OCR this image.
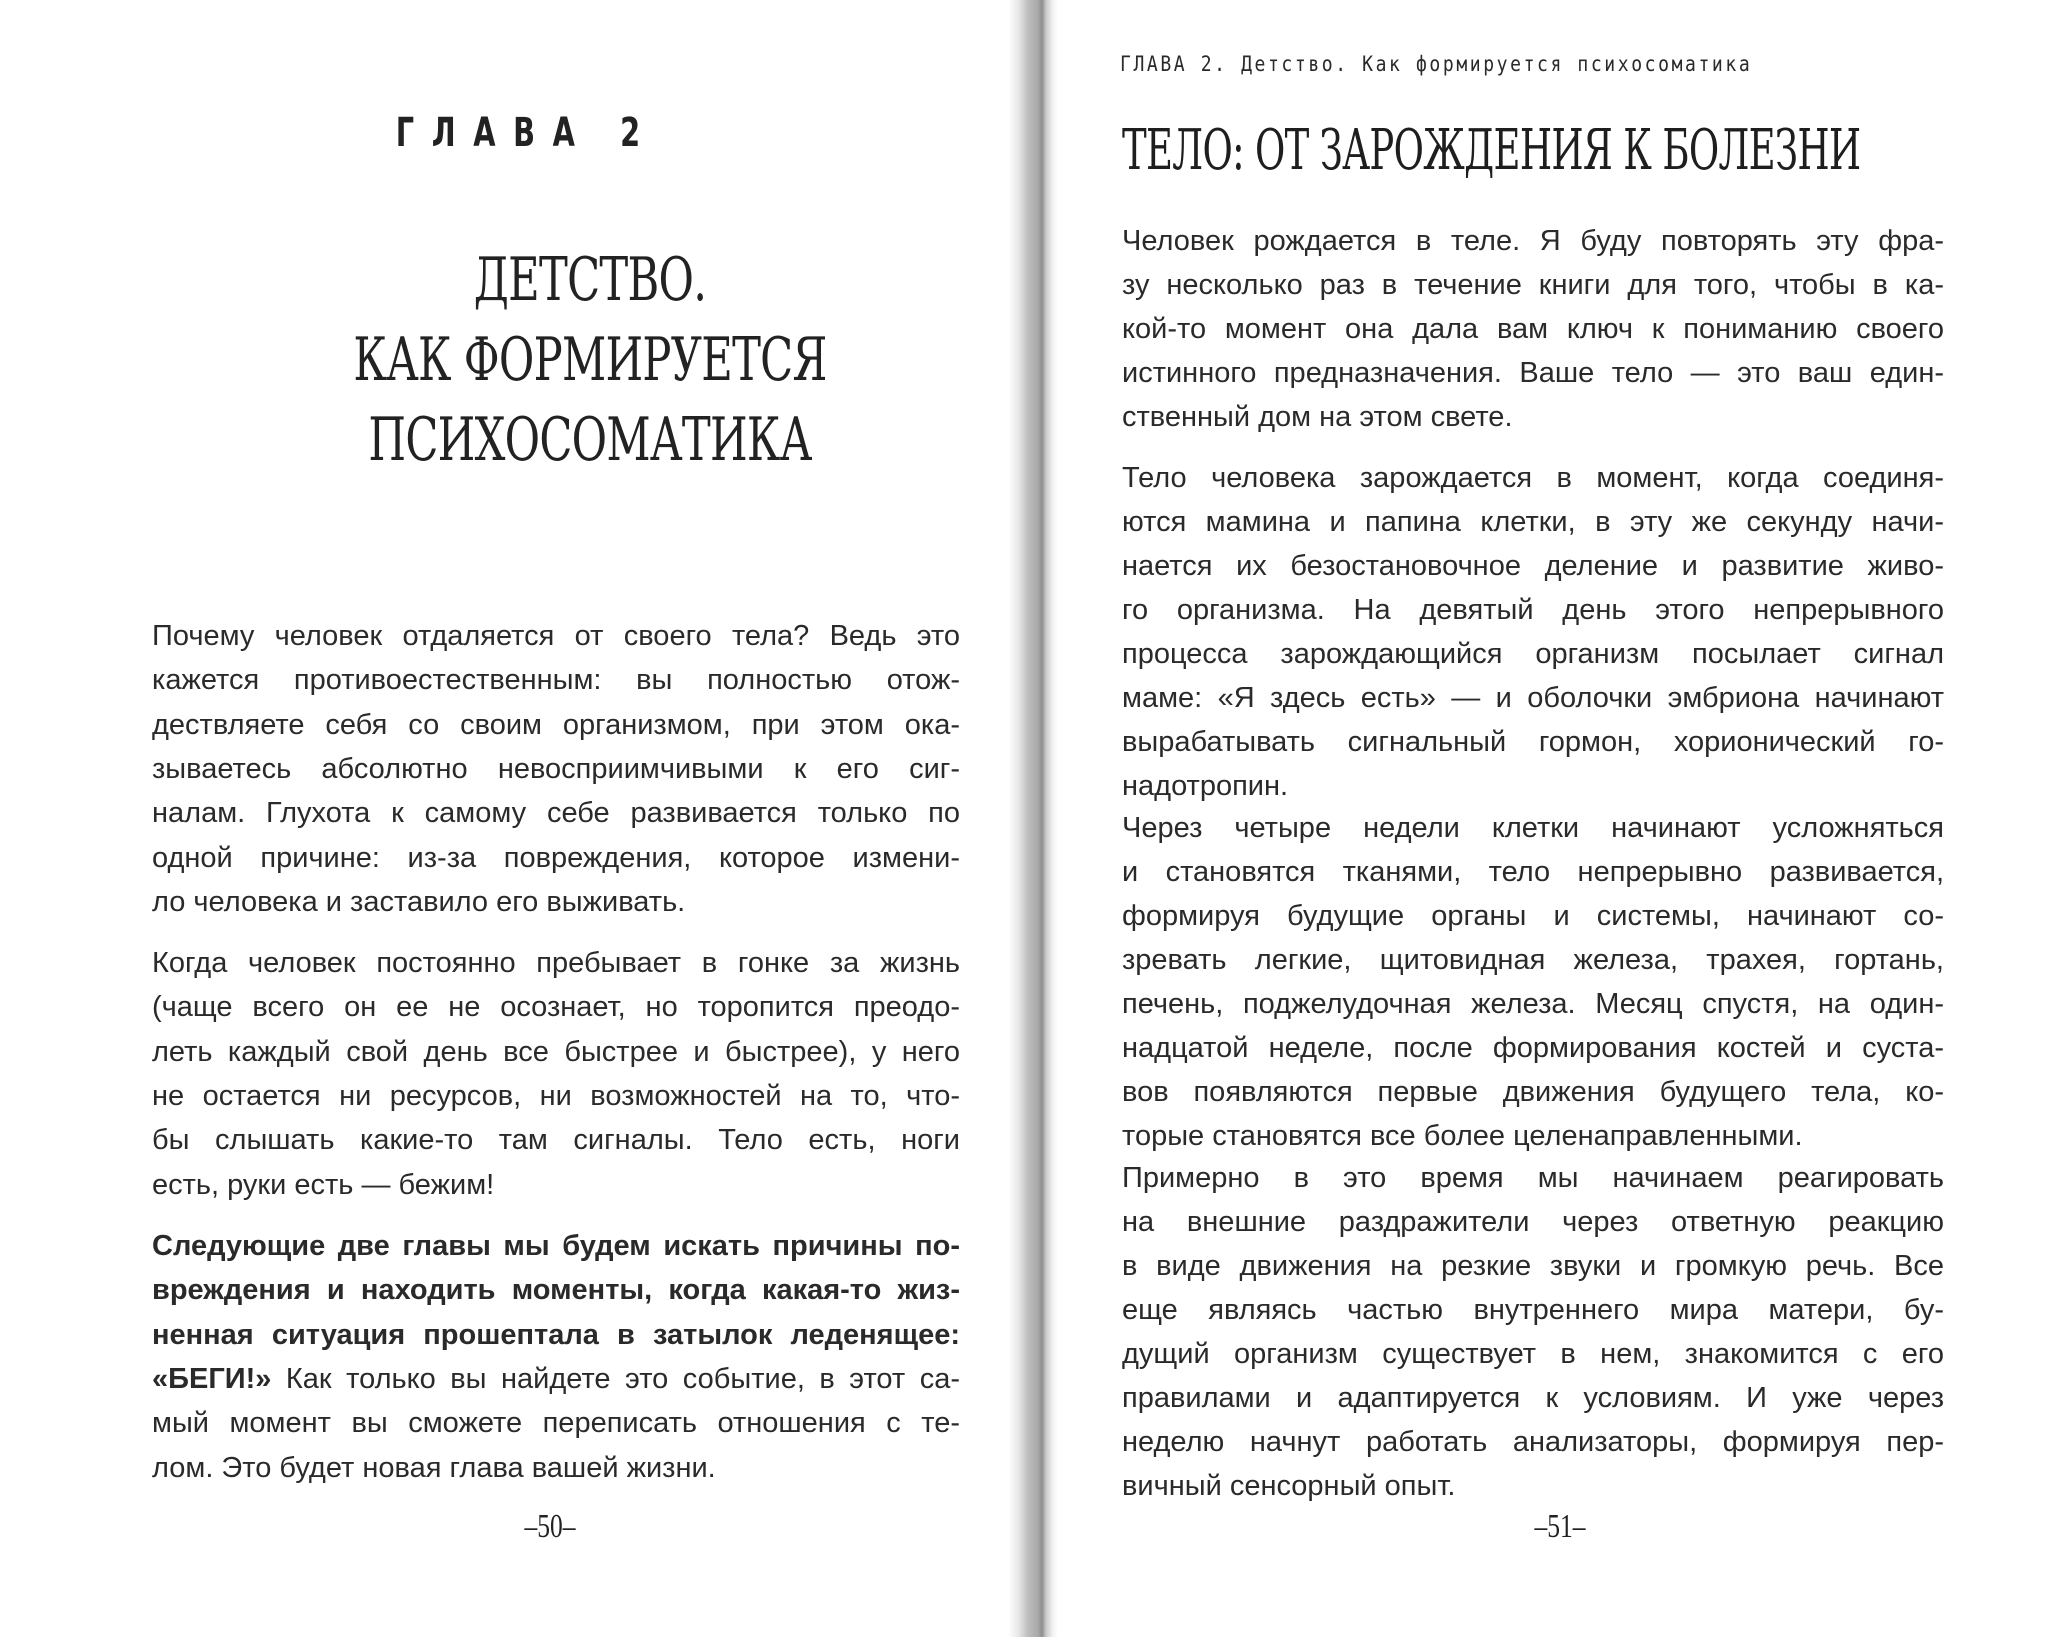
ГЛАВА 2
ДЕТСТВО.
КАК ФОРМИРУЕТСЯ
ПСИХОСОМАТИКА
Почему человек отдаляется от своего тела? Ведь это
кажется противоестественным: вы полностью отож-
дествляете себя со своим организмом, при этом ока-
зываетесь абсолютно невосприимчивыми к его сиг-
налам. Глухота к самому себе развивается только по
одной причине: из-за повреждения, которое измени-
ло человека и заставило его выживать.
Когда человек постоянно пребывает в гонке за жизнь
(чаще всего он ее не осознает, но торопится преодо-
леть каждый свой день все быстрее и быстрее), у него
не остается ни ресурсов, ни возможностей на то, что-
бы слышать какие-то там сигналы. Тело есть, ноги
есть, руки есть — бежим!
Следующие две главы мы будем искать причины по-
вреждения и находить моменты, когда какая-то жиз-
ненная ситуация прошептала в затылок леденящее:
«БЕГИ!» Как только вы найдете это событие, в этот са-
мый момент вы сможете переписать отношения с те-
лом. Это будет новая глава вашей жизни.
–50–
ГЛАВА 2. Детство. Как формируется психосоматика
ТЕЛО: ОТ ЗАРОЖДЕНИЯ К БОЛЕЗНИ
Человек рождается в теле. Я буду повторять эту фра-
зу несколько раз в течение книги для того, чтобы в ка-
кой-то момент она дала вам ключ к пониманию своего
истинного предназначения. Ваше тело — это ваш един-
ственный дом на этом свете.
Тело человека зарождается в момент, когда соединя-
ются мамина и папина клетки, в эту же секунду начи-
нается их безостановочное деление и развитие живо-
го организма. На девятый день этого непрерывного
процесса зарождающийся организм посылает сигнал
маме: «Я здесь есть» — и оболочки эмбриона начинают
вырабатывать сигнальный гормон, хорионический го-
надотропин.
Через четыре недели клетки начинают усложняться
и становятся тканями, тело непрерывно развивается,
формируя будущие органы и системы, начинают со-
зревать легкие, щитовидная железа, трахея, гортань,
печень, поджелудочная железа. Месяц спустя, на один-
надцатой неделе, после формирования костей и суста-
вов появляются первые движения будущего тела, ко-
торые становятся все более целенаправленными.
Примерно в это время мы начинаем реагировать
на внешние раздражители через ответную реакцию
в виде движения на резкие звуки и громкую речь. Все
еще являясь частью внутреннего мира матери, бу-
дущий организм существует в нем, знакомится с его
правилами и адаптируется к условиям. И уже через
неделю начнут работать анализаторы, формируя пер-
вичный сенсорный опыт.
–51–
